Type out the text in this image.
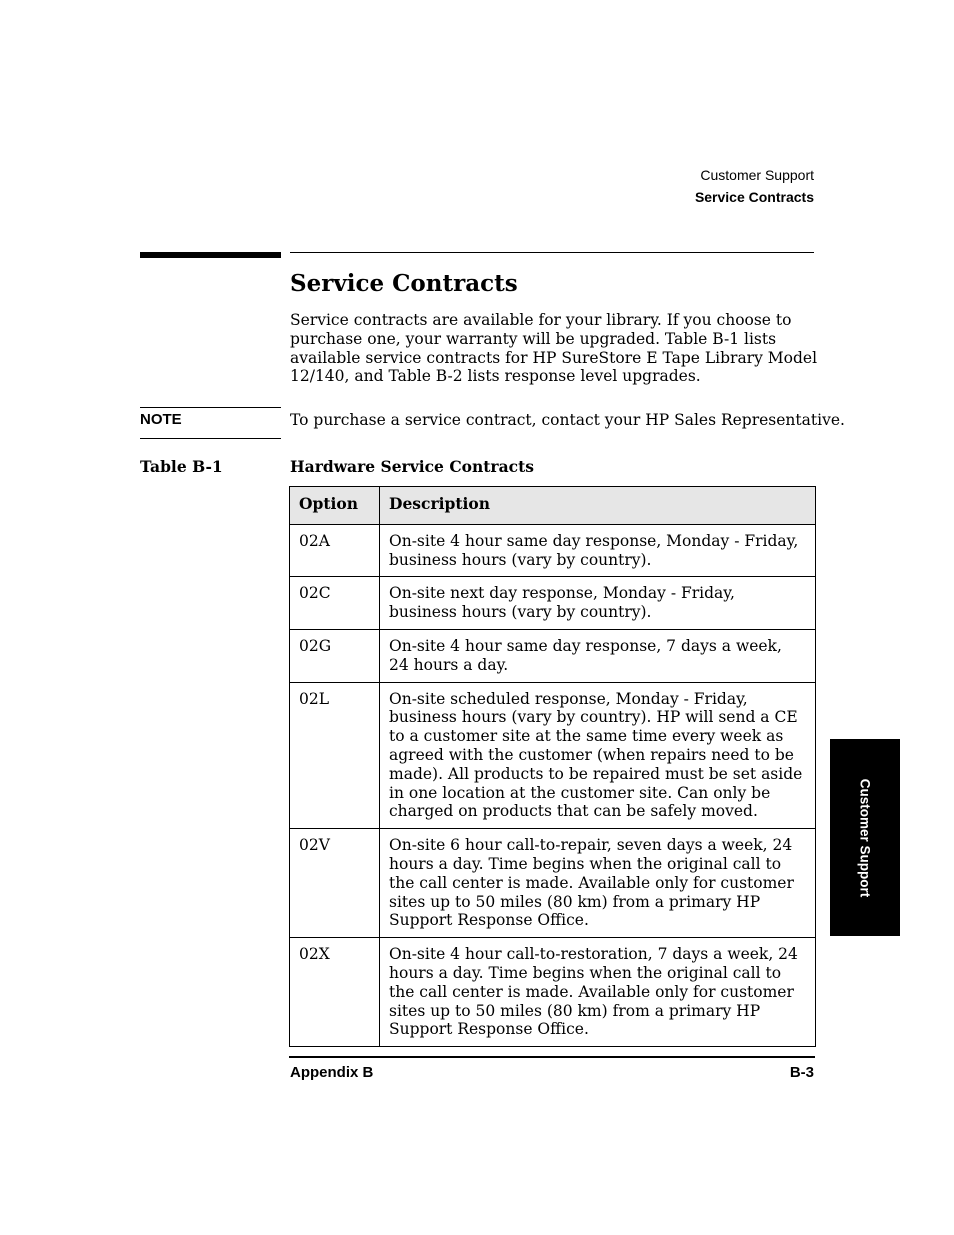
Customer Support
Service Contracts
Service Contracts

Service contracts are available for your library. If you choose to purchase one, your warranty will be upgraded. Table B-1 lists available service contracts for HP SureStore E Tape Library Model 12/140, and Table B-2 lists response level upgrades.

NOTE	To purchase a service contract, contact your HP Sales Representative.
Table B-1	Hardware Service Contracts
Option	Description
02A	On-site 4 hour same day response, Monday - Friday, business hours (vary by country).
02C	On-site next day response, Monday - Friday, business hours (vary by country).
02G	On-site 4 hour same day response, 7 days a week, 24 hours a day.
02L	On-site scheduled response, Monday - Friday, business hours (vary by country). HP will send a CE to a customer site at the same time every week as agreed with the customer (when repairs need to be made). All products to be repaired must be set aside in one location at the customer site. Can only be charged on products that can be safely moved.
02V	On-site 6 hour call-to-repair, seven days a week, 24 hours a day. Time begins when the original call to the call center is made. Available only for customer sites up to 50 miles (80 km) from a primary HP Support Response Office.
02X	On-site 4 hour call-to-restoration, 7 days a week, 24 hours a day. Time begins when the original call to the call center is made. Available only for customer sites up to 50 miles (80 km) from a primary HP Support Response Office.
Appendix B	B-3
Customer Support
